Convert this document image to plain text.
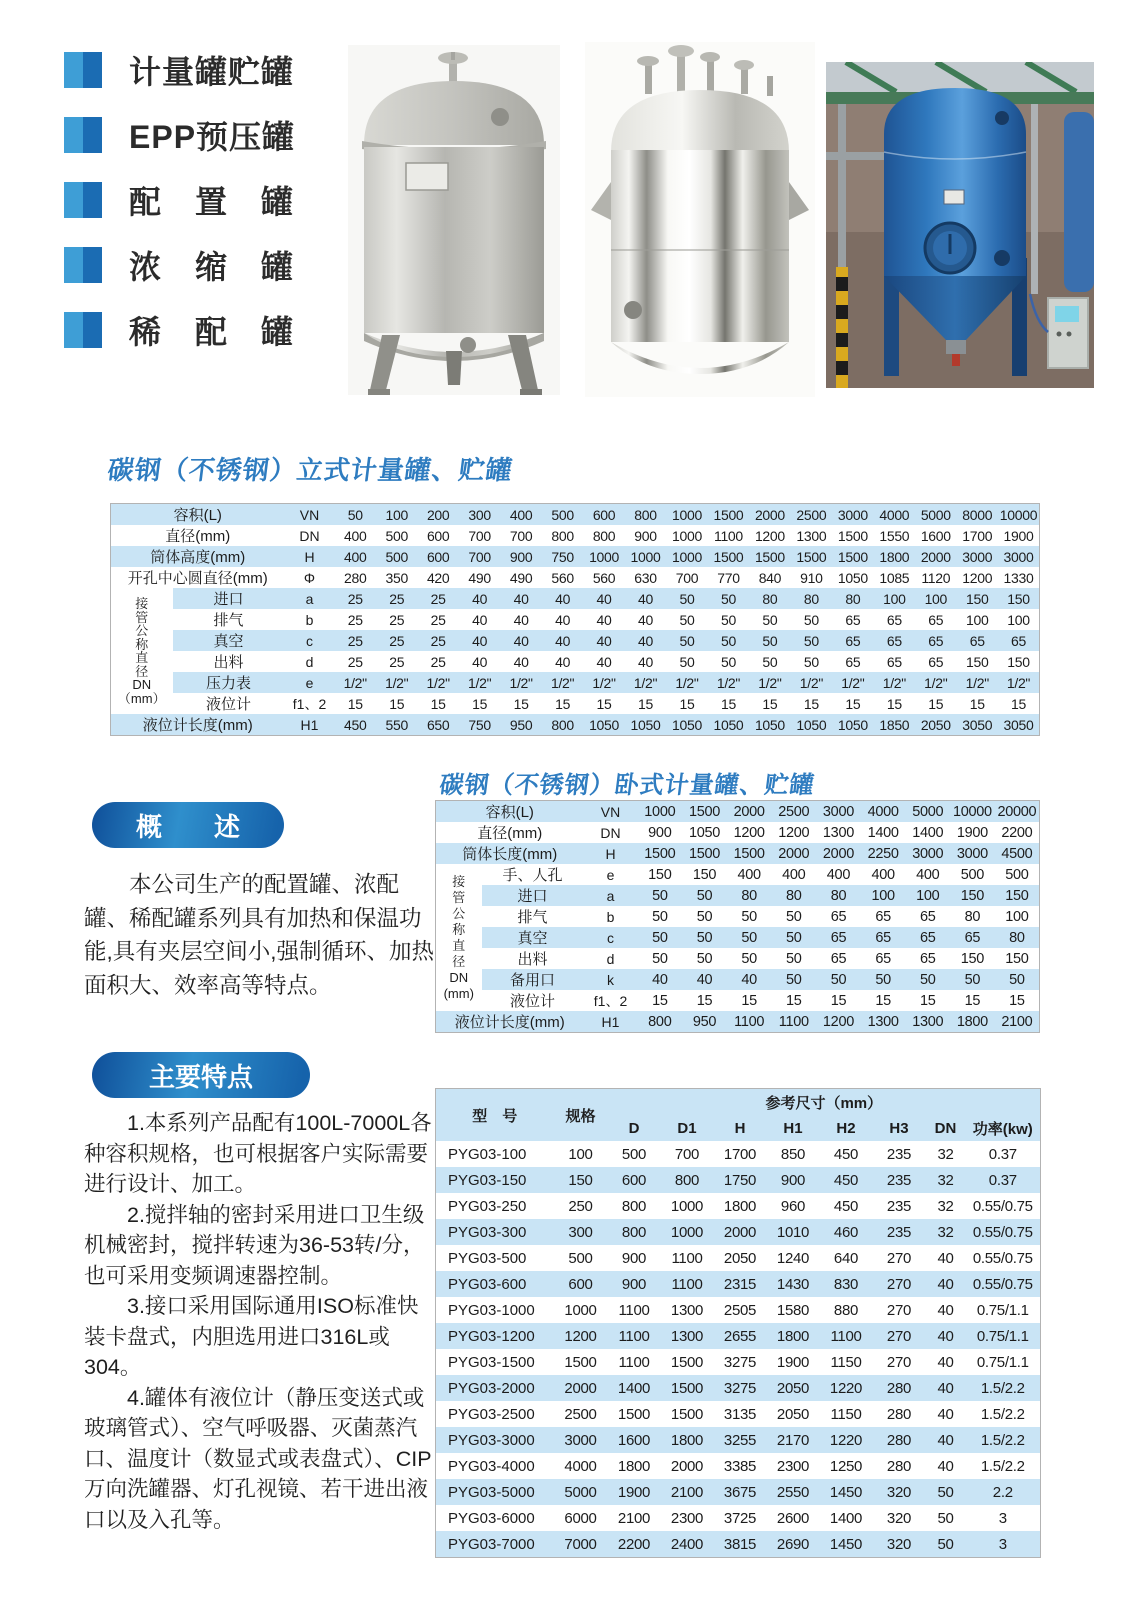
计量罐贮罐
EPP预压罐
配　置　罐
浓　缩　罐
稀　配　罐
碳钢（不锈钢）立式计量罐、贮罐
碳钢（不锈钢）卧式计量罐、贮罐
容积(L)		VN	50	100	200	300	400	500	600	800	1000	1500	2000	2500	3000	4000	5000	8000	10000
直径(mm)		DN	400	500	600	700	700	800	800	900	1000	1100	1200	1300	1500	1550	1600	1700	1900
筒体高度(mm)		H	400	500	600	700	900	750	1000	1000	1000	1500	1500	1500	1500	1800	2000	3000	3000
开孔中心圆直径(mm)		Φ	280	350	420	490	490	560	560	630	700	770	840	910	1050	1085	1120	1200	1330

接
管
公
称
直
径
DN
（mm）
	进口	a	25	25	25	40	40	40	40	40	50	50	80	80	80	100	100	150	150
	排气	b	25	25	25	40	40	40	40	40	50	50	50	50	65	65	65	100	100
	真空	c	25	25	25	40	40	40	40	40	50	50	50	50	65	65	65	65	65
	出料	d	25	25	25	40	40	40	40	40	50	50	50	50	65	65	65	150	150
	压力表	e	1/2"	1/2"	1/2"	1/2"	1/2"	1/2"	1/2"	1/2"	1/2"	1/2"	1/2"	1/2"	1/2"	1/2"	1/2"	1/2"	1/2"
	液位计	f1、2	15	15	15	15	15	15	15	15	15	15	15	15	15	15	15	15	15
液位计长度(mm)		H1	450	550	650	750	950	800	1050	1050	1050	1050	1050	1050	1050	1850	2050	3050	3050
容积(L)		VN	1000	1500	2000	2500	3000	4000	5000	10000	20000
直径(mm)		DN	900	1050	1200	1200	1300	1400	1400	1900	2200
筒体长度(mm)		H	1500	1500	1500	2000	2000	2250	3000	3000	4500

接
管
公
称
直
径
DN
(mm)
	手、人孔	e	150	150	400	400	400	400	400	500	500
	进口	a	50	50	80	80	80	100	100	150	150
	排气	b	50	50	50	50	65	65	65	80	100
	真空	c	50	50	50	50	65	65	65	65	80
	出料	d	50	50	50	50	65	65	65	150	150
	备用口	k	40	40	40	50	50	50	50	50	50
	液位计	f1、2	15	15	15	15	15	15	15	15	15
液位计长度(mm)		H1	800	950	1100	1100	1200	1300	1300	1800	2100
概　　述

本公司生产的配置罐、浓配罐、稀配罐系列具有加热和保温功能,具有夹层空间小,强制循环、加热面积大、效率高等特点。

主要特点

1.本系列产品配有100L-7000L各种容积规格，也可根据客户实际需要进行设计、加工。

2.搅拌轴的密封采用进口卫生级机械密封，搅拌转速为36-53转/分，也可采用变频调速器控制。

3.接口采用国际通用ISO标准快装卡盘式，内胆选用进口316L或304。

4.罐体有液位计（静压变送式或玻璃管式）、空气呼吸器、灭菌蒸汽口、温度计（数显式或表盘式）、CIP万向洗罐器、灯孔视镜、若干进出液口以及入孔等。

型　号	规格	参考尺寸（mm）							
		D	D1	H	H1	H2	H3	DN	功率(kw)
PYG03-100	100	500	700	1700	850	450	235	32	0.37
PYG03-150	150	600	800	1750	900	450	235	32	0.37
PYG03-250	250	800	1000	1800	960	450	235	32	0.55/0.75
PYG03-300	300	800	1000	2000	1010	460	235	32	0.55/0.75
PYG03-500	500	900	1100	2050	1240	640	270	40	0.55/0.75
PYG03-600	600	900	1100	2315	1430	830	270	40	0.55/0.75
PYG03-1000	1000	1100	1300	2505	1580	880	270	40	0.75/1.1
PYG03-1200	1200	1100	1300	2655	1800	1100	270	40	0.75/1.1
PYG03-1500	1500	1100	1500	3275	1900	1150	270	40	0.75/1.1
PYG03-2000	2000	1400	1500	3275	2050	1220	280	40	1.5/2.2
PYG03-2500	2500	1500	1500	3135	2050	1150	280	40	1.5/2.2
PYG03-3000	3000	1600	1800	3255	2170	1220	280	40	1.5/2.2
PYG03-4000	4000	1800	2000	3385	2300	1250	280	40	1.5/2.2
PYG03-5000	5000	1900	2100	3675	2550	1450	320	50	2.2
PYG03-6000	6000	2100	2300	3725	2600	1400	320	50	3
PYG03-7000	7000	2200	2400	3815	2690	1450	320	50	3
